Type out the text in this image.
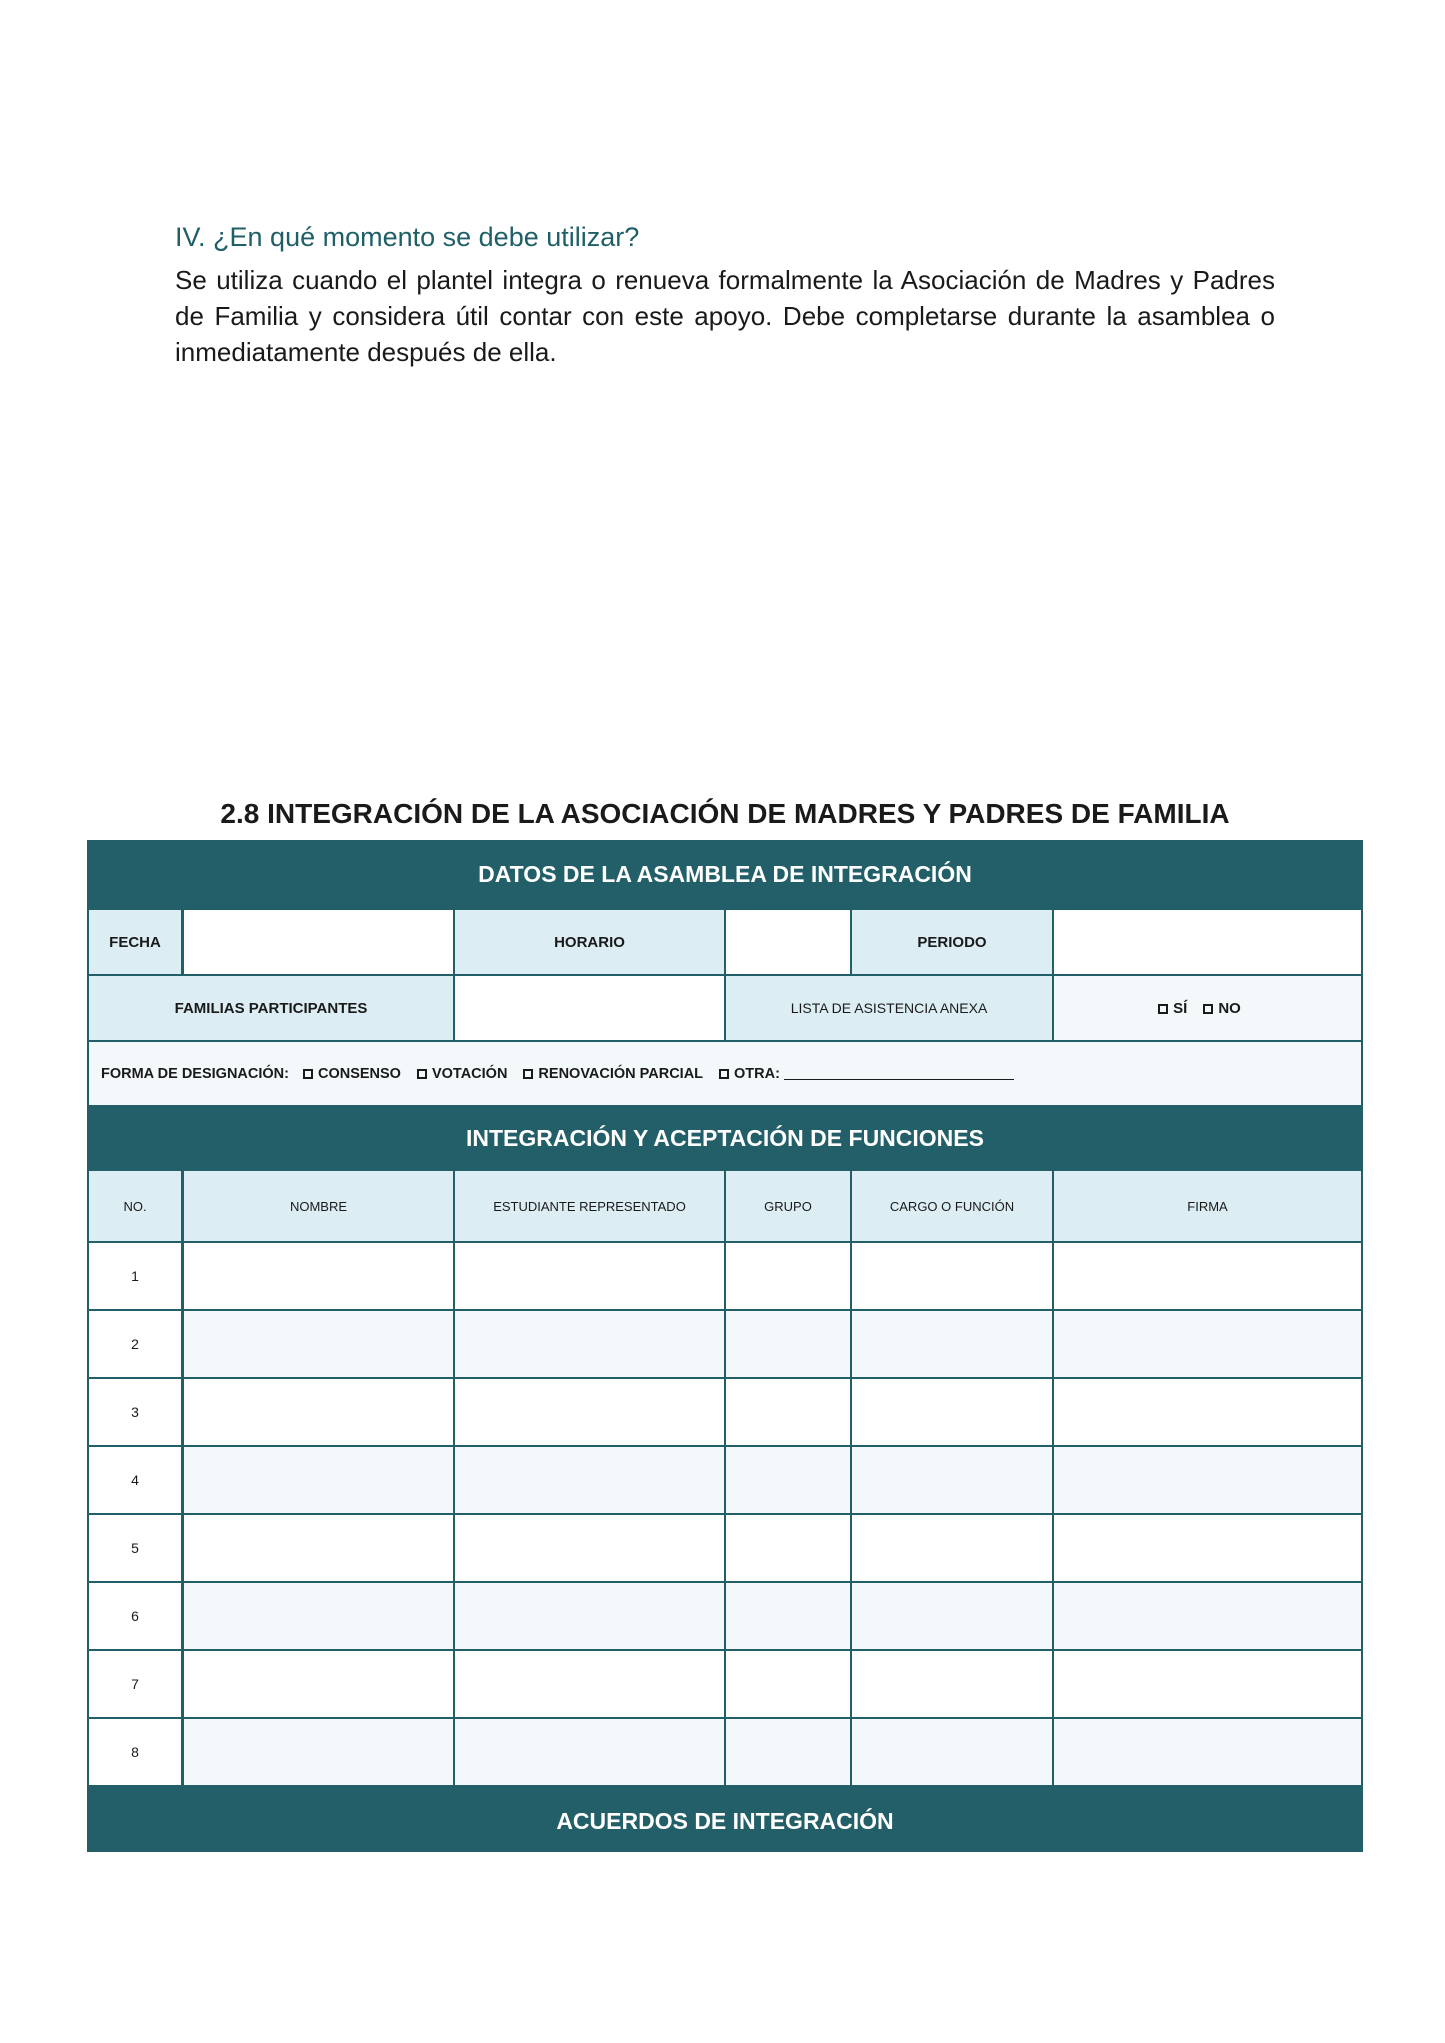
IV. ¿En qué momento se debe utilizar?

Se utiliza cuando el plantel integra o renueva formalmente la Asociación de Madres y Padres de Familia y considera útil contar con este apoyo. Debe completarse durante la asamblea o inmediatamente después de ella.

2.8 INTEGRACIÓN DE LA ASOCIACIÓN DE MADRES Y PADRES DE FAMILIA
DATOS DE LA ASAMBLEA DE INTEGRACIÓN
FECHA	HORARIO	PERIODO
FAMILIAS PARTICIPANTES	LISTA DE ASISTENCIA ANEXA	SÍ	NO
FORMA DE DESIGNACIÓN:	CONSENSO	VOTACIÓN	RENOVACIÓN PARCIAL	OTRA:
INTEGRACIÓN Y ACEPTACIÓN DE FUNCIONES
NO.	NOMBRE	ESTUDIANTE REPRESENTADO	GRUPO	CARGO O FUNCIÓN	FIRMA
1
2
3
4
5
6
7
8
ACUERDOS DE INTEGRACIÓN
